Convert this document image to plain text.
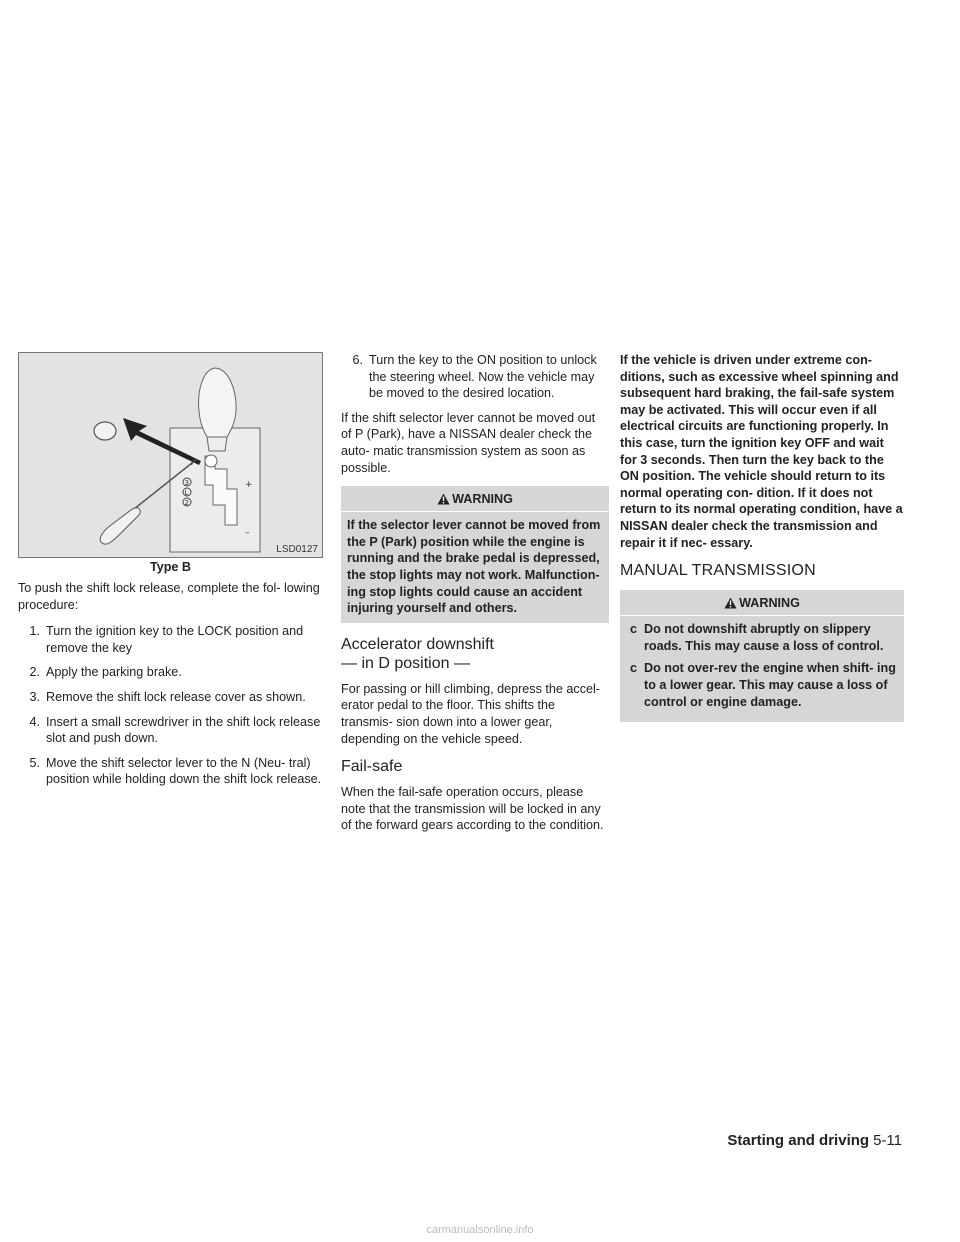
P
3
L
2
+
–
LSD0127
Type B

To push the shift lock release, complete the fol- lowing procedure:

1. Turn the ignition key to the LOCK position and remove the key
2. Apply the parking brake.
3. Remove the shift lock release cover as shown.
4. Insert a small screwdriver in the shift lock release slot and push down.
5. Move the shift selector lever to the N (Neu- tral) position while holding down the shift lock release.
6. Turn the key to the ON position to unlock the steering wheel. Now the vehicle may be moved to the desired location.

If the shift selector lever cannot be moved out of P (Park), have a NISSAN dealer check the auto- matic transmission system as soon as possible.

WARNING
If the selector lever cannot be moved from the P (Park) position while the engine is running and the brake pedal is depressed, the stop lights may not work. Malfunction- ing stop lights could cause an accident injuring yourself and others.
Accelerator downshift
— in D position —

For passing or hill climbing, depress the accel- erator pedal to the floor. This shifts the transmis- sion down into a lower gear, depending on the vehicle speed.

Fail-safe

When the fail-safe operation occurs, please note that the transmission will be locked in any of the forward gears according to the condition.

If the vehicle is driven under extreme con- ditions, such as excessive wheel spinning and subsequent hard braking, the fail-safe system may be activated. This will occur even if all electrical circuits are functioning properly. In this case, turn the ignition key OFF and wait for 3 seconds. Then turn the key back to the ON position. The vehicle should return to its normal operating con- dition. If it does not return to its normal operating condition, have a NISSAN dealer check the transmission and repair it if nec- essary.

MANUAL TRANSMISSION
WARNING
c Do not downshift abruptly on slippery roads. This may cause a loss of control.
c Do not over-rev the engine when shift- ing to a lower gear. This may cause a loss of control or engine damage.
Starting and driving 5-11
carmanualsonline.info
